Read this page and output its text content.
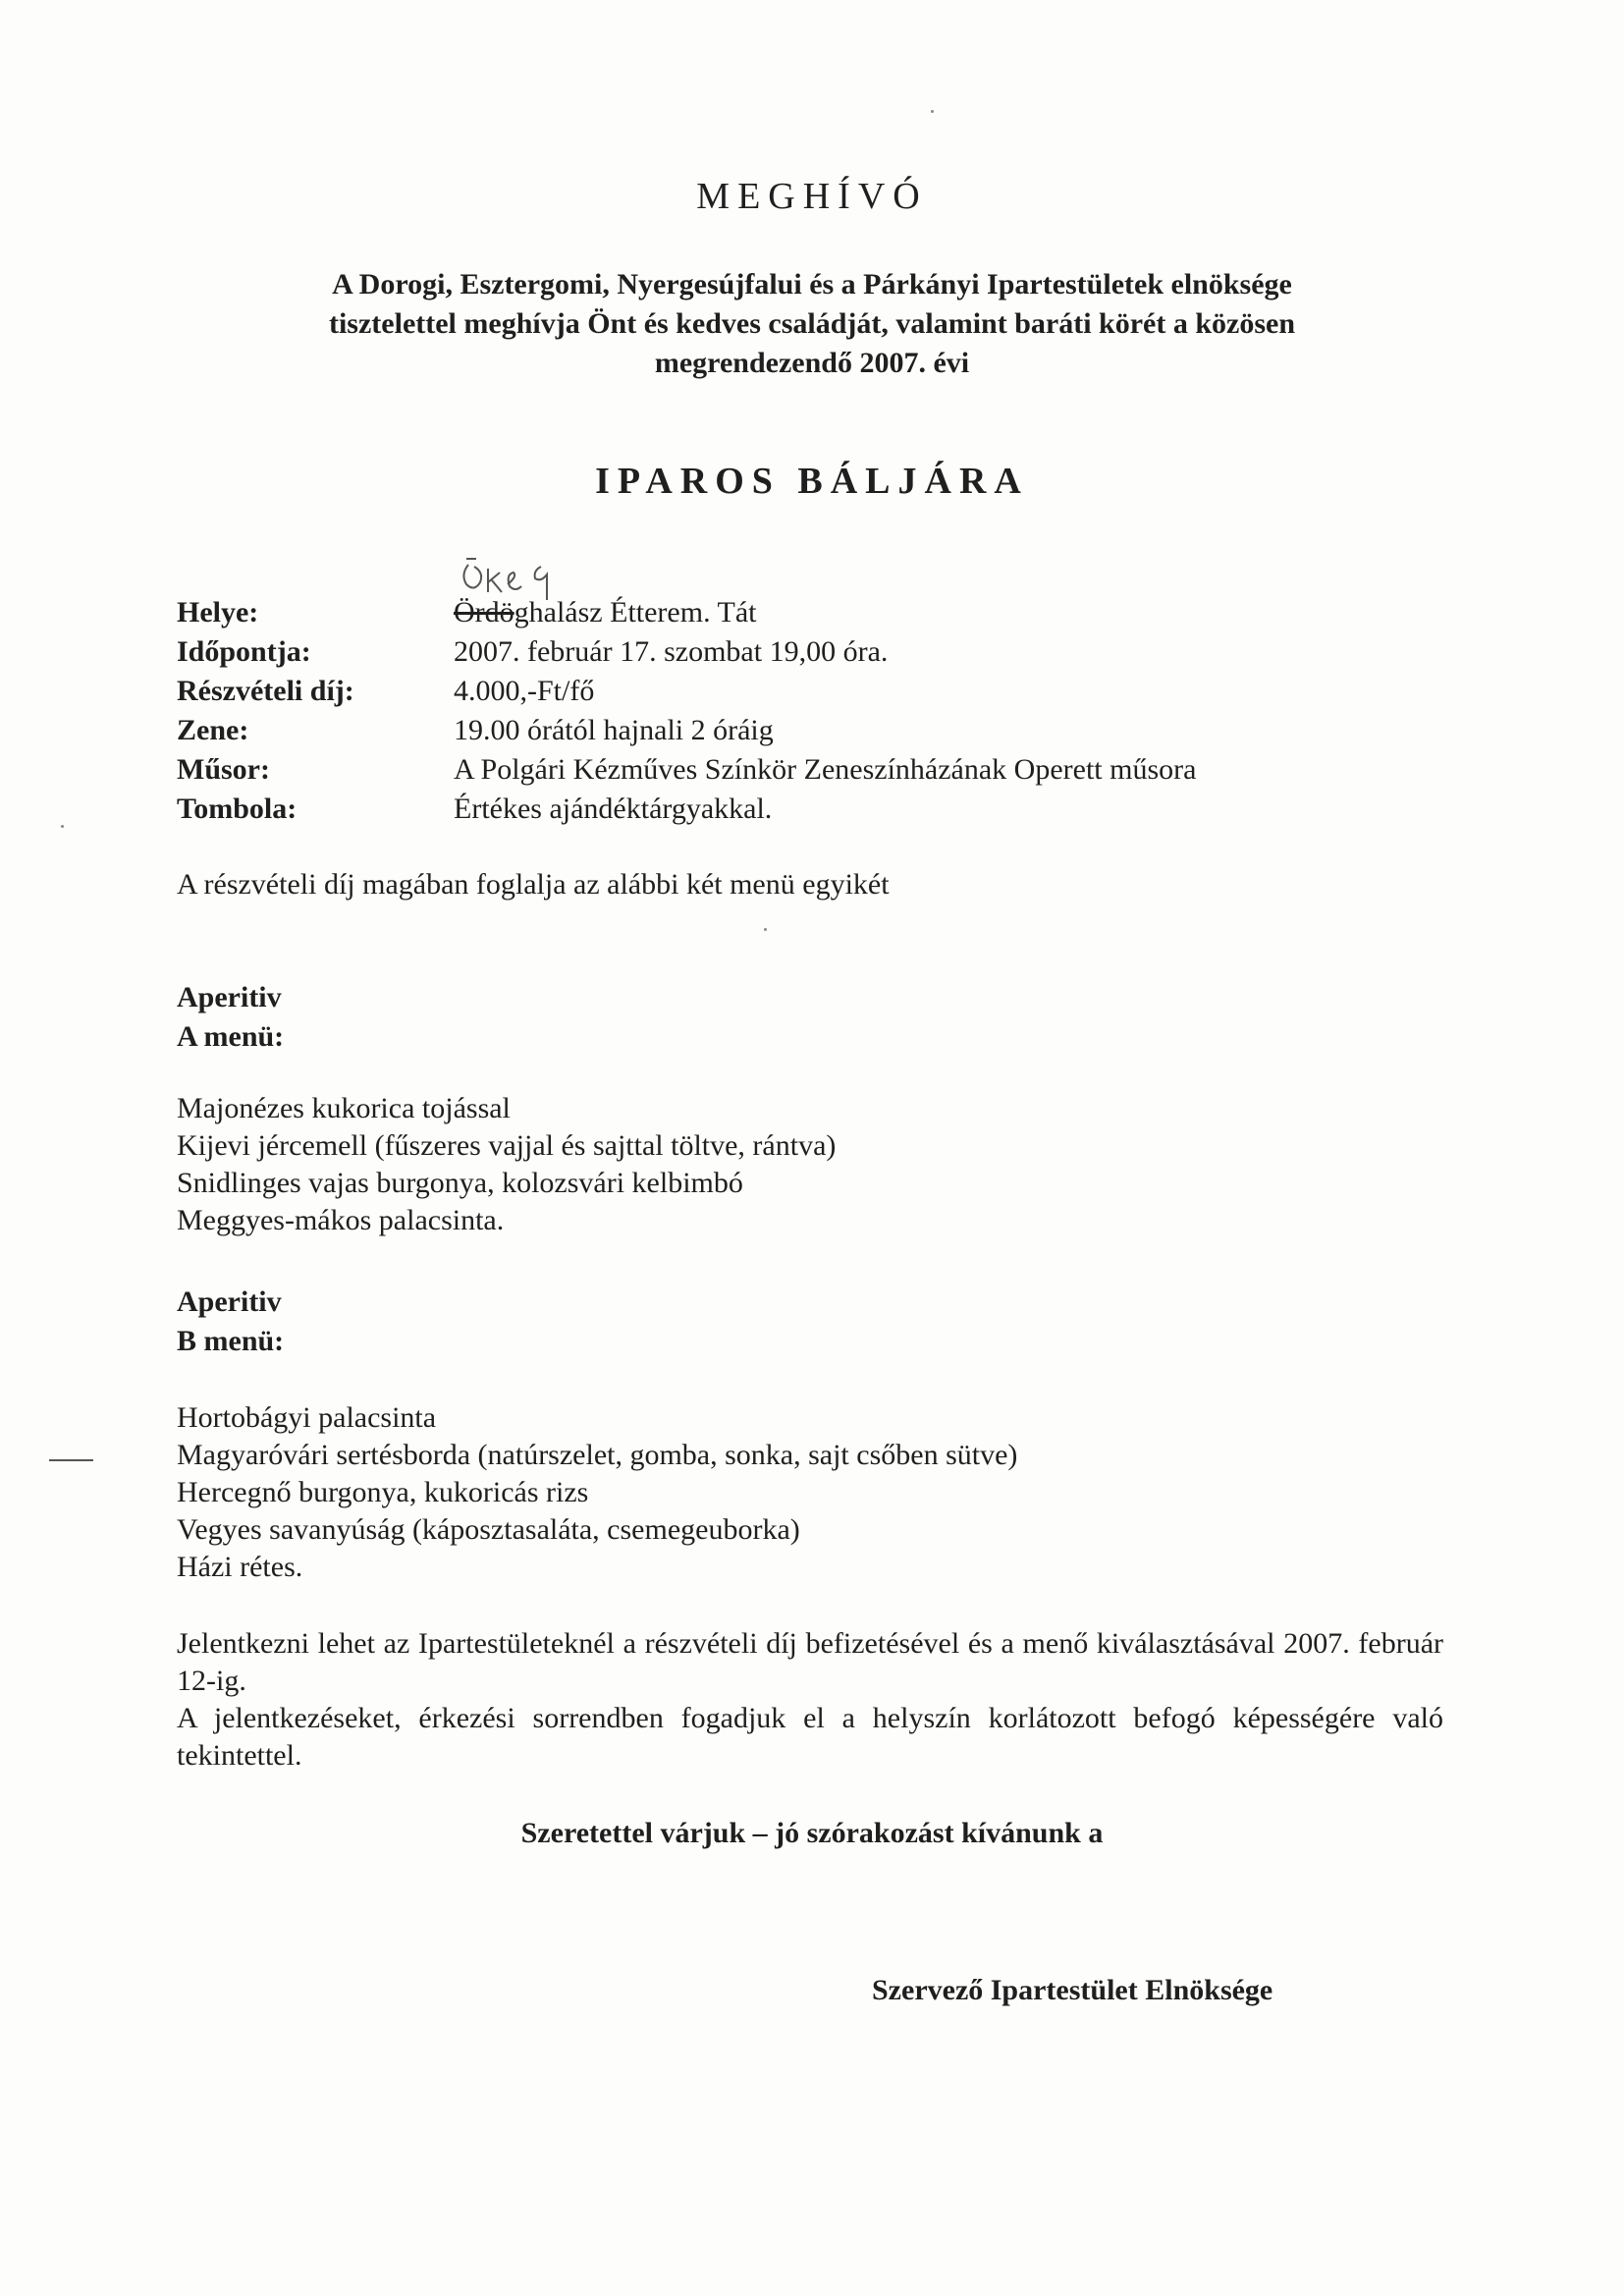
MEGHÍVÓ
A Dorogi, Esztergomi, Nyergesújfalui és a Párkányi Ipartestületek elnöksége
tisztelettel meghívja Önt és kedves családját, valamint baráti körét a közösen
megrendezendő 2007. évi
IPAROS BÁLJÁRA
Helye:	Ördöghalász Étterem. Tát
Időpontja:	2007. február 17. szombat 19,00 óra.
Részvételi díj:	4.000,-Ft/fő
Zene:	19.00 órától hajnali 2 óráig
Műsor:	A Polgári Kézműves Színkör Zeneszínházának Operett műsora
Tombola:	Értékes ajándéktárgyakkal.
A részvételi díj magában foglalja az alábbi két menü egyikét
Aperitiv
A menü:
Majonézes kukorica tojással
Kijevi jércemell (fűszeres vajjal és sajttal töltve, rántva)
Snidlinges vajas burgonya, kolozsvári kelbimbó
Meggyes-mákos palacsinta.
Aperitiv
B menü:
Hortobágyi palacsinta
Magyaróvári sertésborda (natúrszelet, gomba, sonka, sajt csőben sütve)
Hercegnő burgonya, kukoricás rizs
Vegyes savanyúság (káposztasaláta, csemegeuborka)
Házi rétes.
Jelentkezni lehet az Ipartestületeknél a részvételi díj befizetésével és a menő kiválasztásával 2007. február 12-ig.
A jelentkezéseket, érkezési sorrendben fogadjuk el a helyszín korlátozott befogó képességére való tekintettel.
Szeretettel várjuk – jó szórakozást kívánunk a
Szervező Ipartestület Elnöksége
